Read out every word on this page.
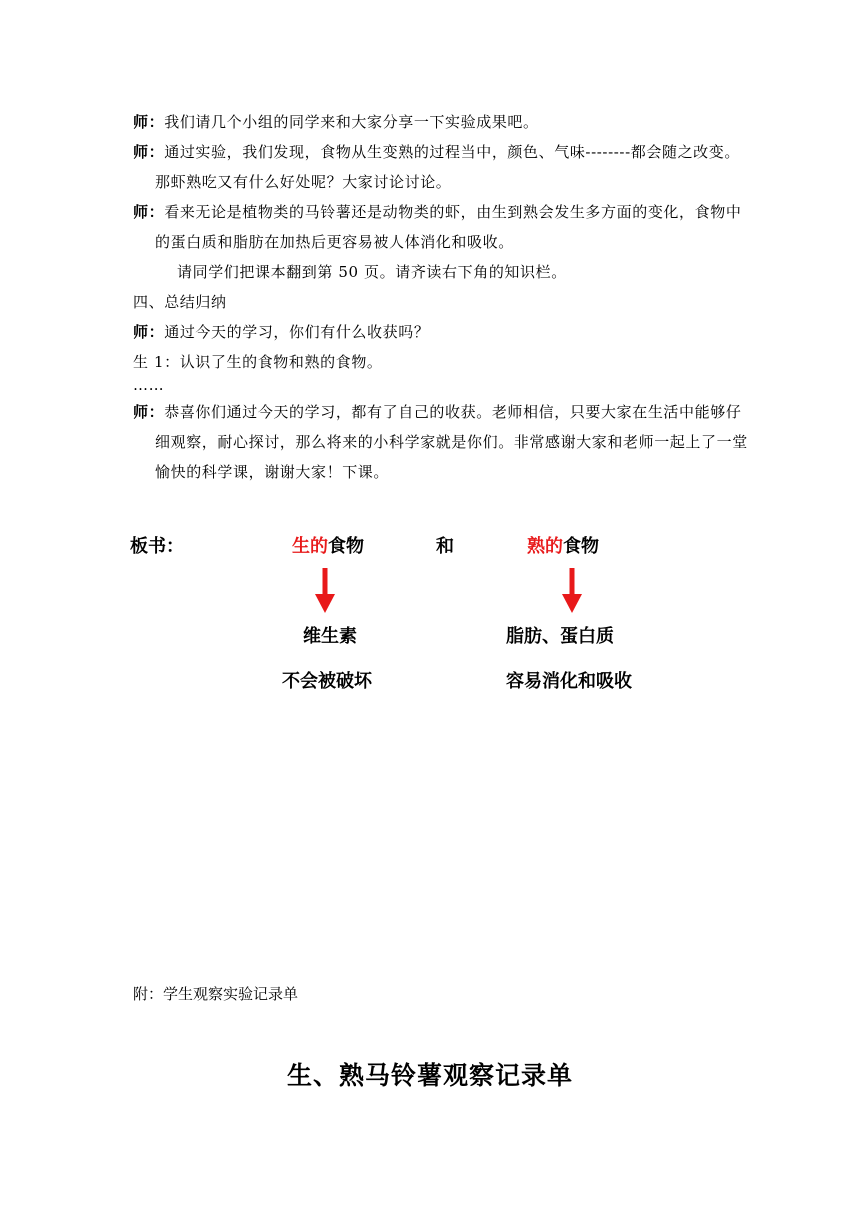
师：我们请几个小组的同学来和大家分享一下实验成果吧。
师：通过实验，我们发现，食物从生变熟的过程当中，颜色、气味--------都会随之改变。那虾熟吃又有什么好处呢？大家讨论讨论。
师：看来无论是植物类的马铃薯还是动物类的虾，由生到熟会发生多方面的变化，食物中的蛋白质和脂肪在加热后更容易被人体消化和吸收。
请同学们把课本翻到第 50 页。请齐读右下角的知识栏。
四、总结归纳
师：通过今天的学习，你们有什么收获吗？
生 1：认识了生的食物和熟的食物。
……
师：恭喜你们通过今天的学习，都有了自己的收获。老师相信，只要大家在生活中能够仔细观察，耐心探讨，那么将来的小科学家就是你们。非常感谢大家和老师一起上了一堂愉快的科学课，谢谢大家！下课。
板书：	生的食物	和	熟的食物
维生素
不会被破坏
脂肪、蛋白质
容易消化和吸收
附：学生观察实验记录单
生、熟马铃薯观察记录单
